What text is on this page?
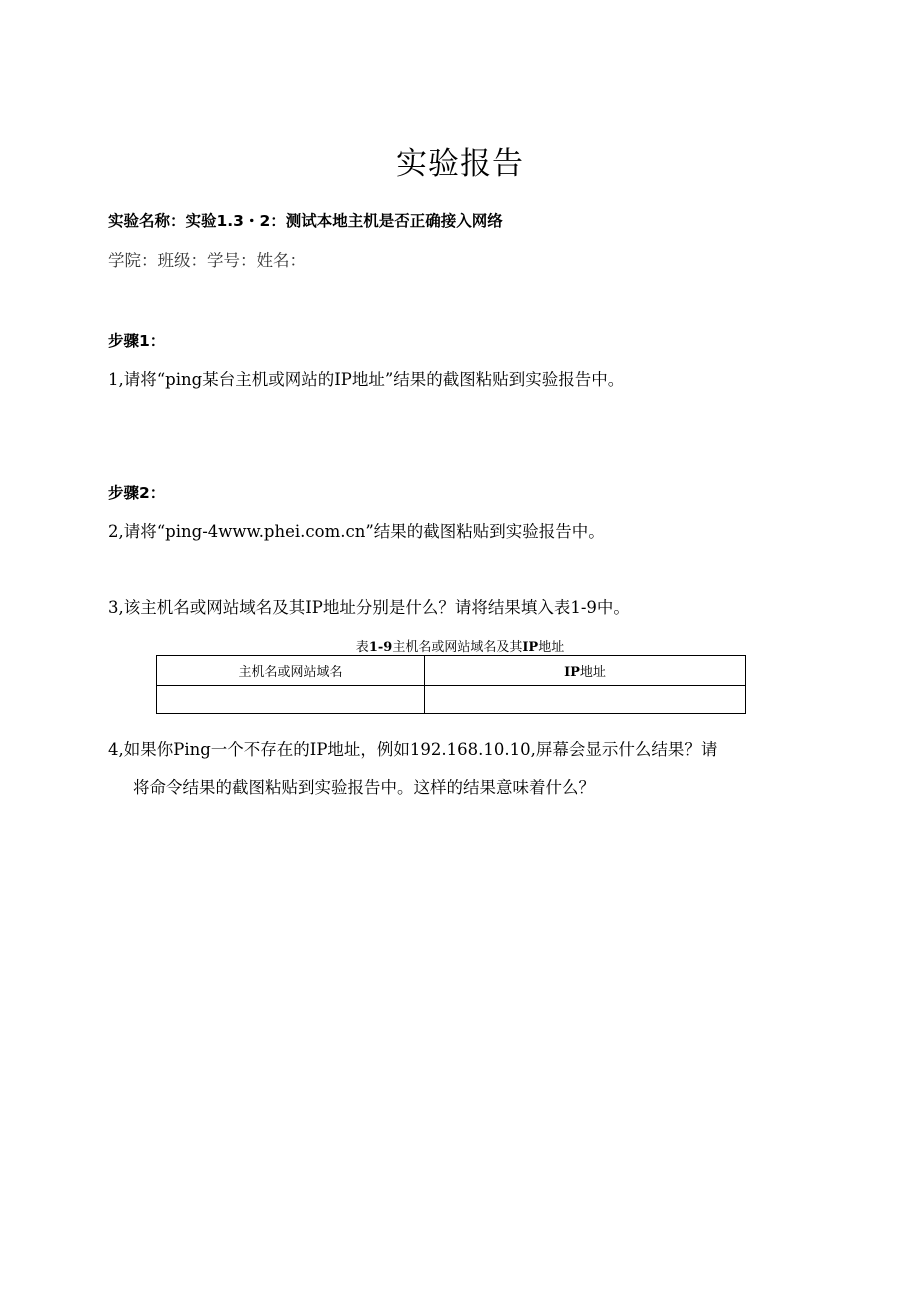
实验报告
实验名称：实验1.3・2：测试本地主机是否正确接入网络
学院：班级：学号：姓名：
步骤1：
1,请将“ping某台主机或网站的IP地址”结果的截图粘贴到实验报告中。
步骤2：
2,请将“ping-4www.phei.com.cn”结果的截图粘贴到实验报告中。
3,该主机名或网站域名及其IP地址分别是什么？请将结果填入表1-9中。
表1-9主机名或网站域名及其IP地址
主机名或网站域名	IP地址

4,如果你Ping一个不存在的IP地址，例如192.168.10.10,屏幕会显示什么结果？请
将命令结果的截图粘贴到实验报告中。这样的结果意味着什么？
